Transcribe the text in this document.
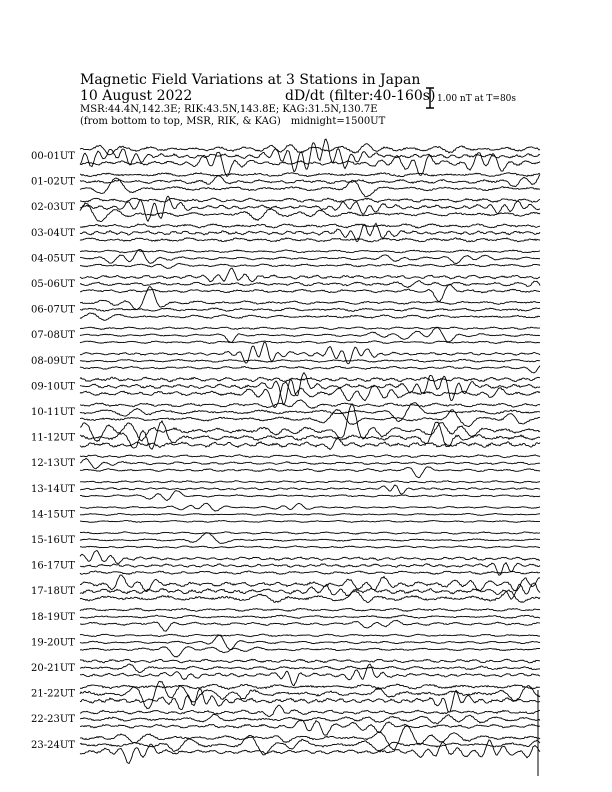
Magnetic Field Variations at 3 Stations in Japan
10 August 2022	dD/dt (filter:40-160s)
MSR:44.4N,142.3E; RIK:43.5N,143.8E; KAG:31.5N,130.7E
(from bottom to top, MSR, RIK, & KAG) midnight=1500UT
1.00 nT at T=80s
00-01UT
01-02UT
02-03UT
03-04UT
04-05UT
05-06UT
06-07UT
07-08UT
08-09UT
09-10UT
10-11UT
11-12UT
12-13UT
13-14UT
14-15UT
15-16UT
16-17UT
17-18UT
18-19UT
19-20UT
20-21UT
21-22UT
22-23UT
23-24UT
